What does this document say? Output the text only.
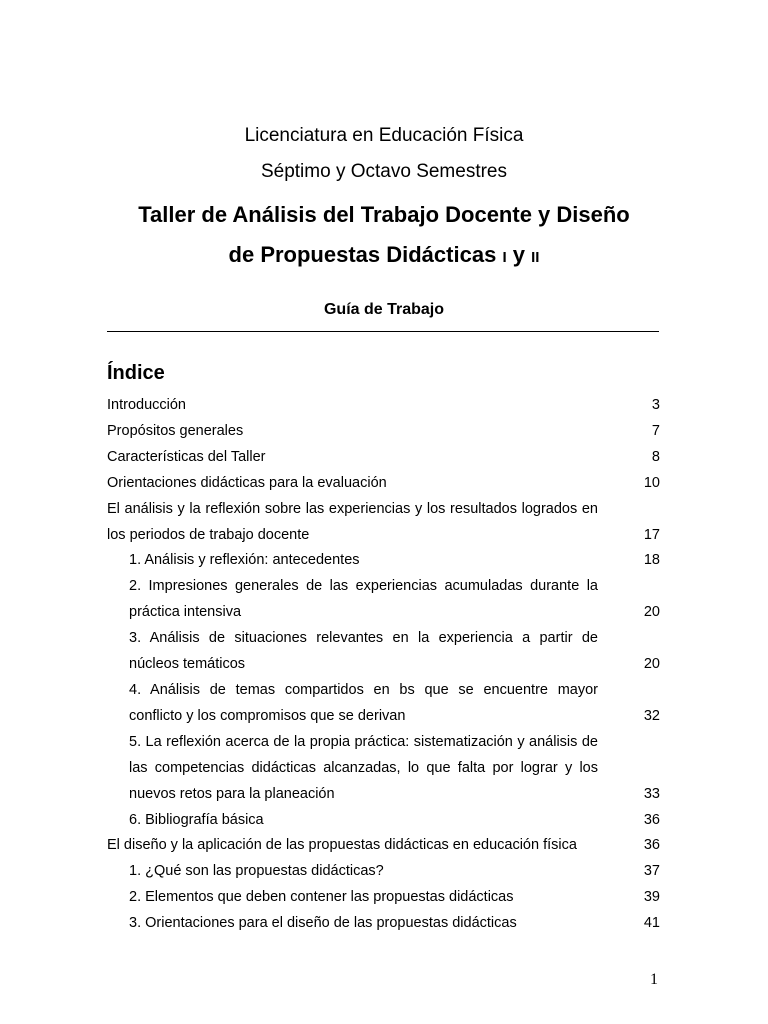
Licenciatura en Educación Física
Séptimo y Octavo Semestres
Taller de Análisis del Trabajo Docente y Diseño
de Propuestas Didácticas I y II
Guía de Trabajo
Índice
Introducción	3
Propósitos generales	7
Características del Taller	8
Orientaciones didácticas para la evaluación	10
El análisis y la reflexión sobre las experiencias y los resultados logrados en los periodos de trabajo docente	17
1. Análisis y reflexión: antecedentes	18
2. Impresiones generales de las experiencias acumuladas durante la práctica intensiva	20
3. Análisis de situaciones relevantes en la experiencia a partir de núcleos temáticos	20
4. Análisis de temas compartidos en bs que se encuentre mayor conflicto y los compromisos que se derivan	32
5. La reflexión acerca de la propia práctica: sistematización y análisis de las competencias didácticas alcanzadas, lo que falta por lograr y los nuevos retos para la planeación	33
6. Bibliografía básica	36
El diseño y la aplicación de las propuestas didácticas en educación física	36
1. ¿Qué son las propuestas didácticas?	37
2. Elementos que deben contener las propuestas didácticas	39
3. Orientaciones para el diseño de las propuestas didácticas	41
1
